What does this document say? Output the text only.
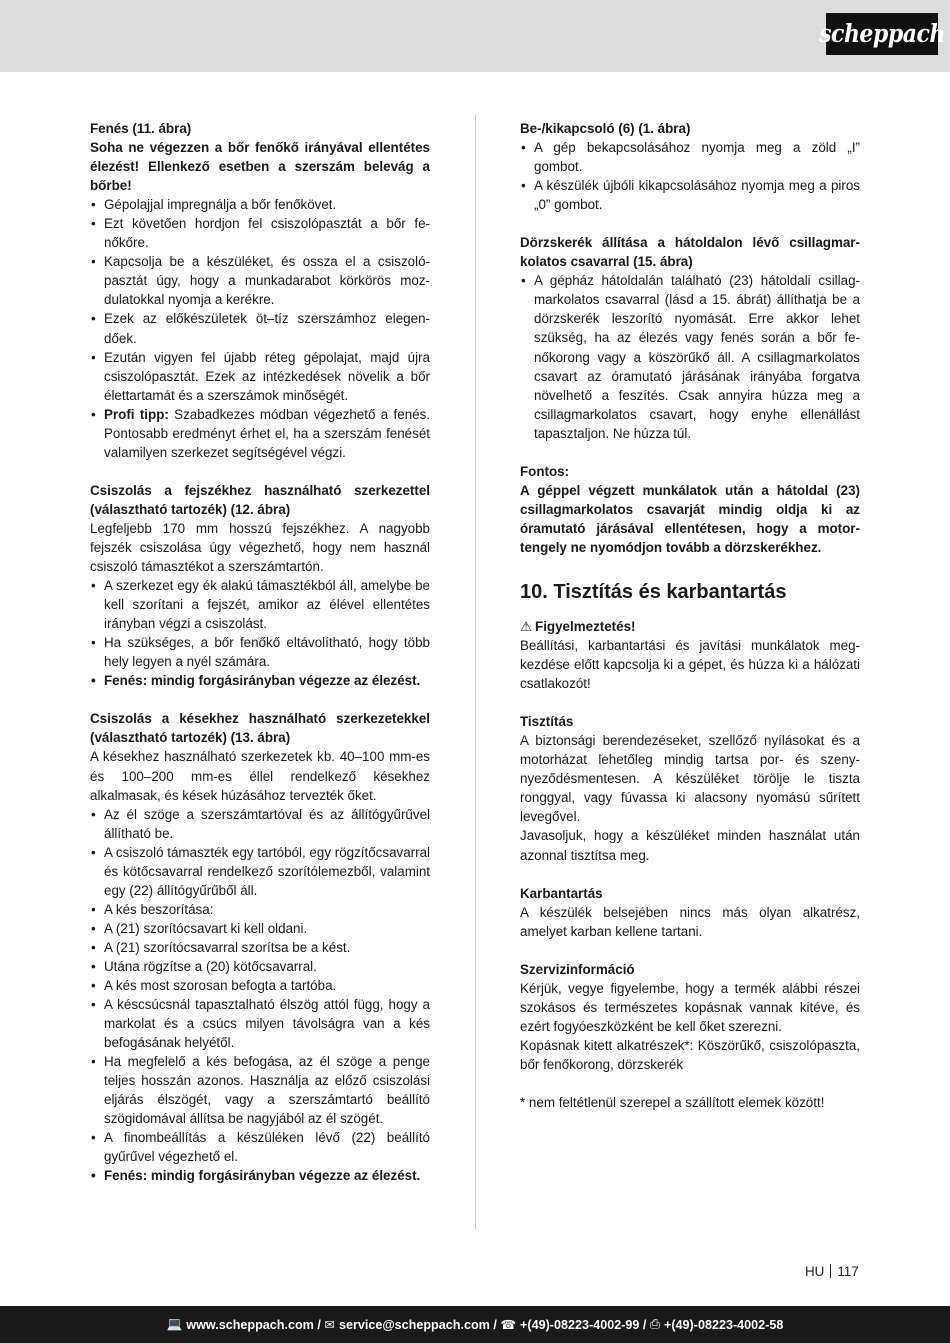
scheppach

Fenés (11. ábra)

Soha ne végezzen a bőr fenőkő irányával ellentétes élezést! Ellenkező esetben a szerszám belevág a bőrbe!

• Gépolajjal impregnálja a bőr fenőkövet.
• Ezt követően hordjon fel csiszolópasztát a bőr fenőkőre.
• Kapcsolja be a készüléket, és ossza el a csiszolópasztát úgy, hogy a munkadarabot körkörös mozdulatokkal nyomja a kerékre.
• Ezek az előkészületek öt–tíz szerszámhoz elegendőek.
• Ezután vigyen fel újabb réteg gépolajat, majd újra csiszolópasztát. Ezek az intézkedések növelik a bőr élettartamát és a szerszámok minőségét.
• Profi tipp: Szabadkezes módban végezhető a fenés. Pontosabb eredményt érhet el, ha a szerszám fenését valamilyen szerkezet segítségével végzi.

Csiszolás a fejszékhez használható szerkezettel (választható tartozék) (12. ábra)

Legfeljebb 170 mm hosszú fejszékhez. A nagyobb fejszék csiszolása úgy végezhető, hogy nem használ csiszoló támasztékot a szerszámtartón.

• A szerkezet egy ék alakú támasztékból áll, amelybe be kell szorítani a fejszét, amikor az élével ellentétes irányban végzi a csiszolást.
• Ha szükséges, a bőr fenőkő eltávolítható, hogy több hely legyen a nyél számára.
• Fenés: mindig forgásirányban végezze az élezést.

Csiszolás a késekhez használható szerkezetekkel (választható tartozék) (13. ábra)

A késekhez használható szerkezetek kb. 40–100 mm-es és 100–200 mm-es éllel rendelkező késekhez alkalmasak, és kések húzásához tervezték őket.

• Az él szöge a szerszámtartóval és az állítógyűrűvel állítható be.
• A csiszoló támaszték egy tartóból, egy rögzítőcsavarral és kötőcsavarral rendelkező szorítólemezből, valamint egy (22) állítógyűrűből áll.
• A kés beszorítása:
• A (21) szorítócsavart ki kell oldani.
• A (21) szorítócsavarral szorítsa be a kést.
• Utána rögzítse a (20) kötőcsavarral.
• A kés most szorosan befogta a tartóba.
• A késcsúcsnál tapasztalható élszög attól függ, hogy a markolat és a csúcs milyen távolságra van a kés befogásának helyétől.
• Ha megfelelő a kés befogása, az él szöge a penge teljes hosszán azonos. Használja az előző csiszolási eljárás élszögét, vagy a szerszámtartó beállító szögidomával állítsa be nagyjából az él szögét.
• A finombeállítás a készüléken lévő (22) beállító gyűrűvel végezhető el.
• Fenés: mindig forgásirányban végezze az élezést.

Be-/kikapcsoló (6) (1. ábra)

• A gép bekapcsolásához nyomja meg a zöld „I” gombot.
• A készülék újbóli kikapcsolásához nyomja meg a piros „0” gombot.

Dörzskerék állítása a hátoldalon lévő csillagmarkolatos csavarral (15. ábra)

• A gépház hátoldalán található (23) hátoldali csillagmarkolatos csavarral (lásd a 15. ábrát) állíthatja be a dörzskerék leszorító nyomását. Erre akkor lehet szükség, ha az élezés vagy fenés során a bőr fenőkorong vagy a köszörűkő áll. A csillagmarkolatos csavart az óramutató járásának irányába forgatva növelhető a feszítés. Csak annyira húzza meg a csillagmarkolatos csavart, hogy enyhe ellenállást tapasztaljon. Ne húzza túl.

Fontos:

A géppel végzett munkálatok után a hátoldal (23) csillagmarkolatos csavarját mindig oldja ki az óramutató járásával ellentétesen, hogy a motortengely ne nyomódjon tovább a dörzskerékhez.

10. Tisztítás és karbantartás

⚠ Figyelmeztetés!

Beállítási, karbantartási és javítási munkálatok megkezdése előtt kapcsolja ki a gépet, és húzza ki a hálózati csatlakozót!

Tisztítás

A biztonsági berendezéseket, szellőző nyílásokat és a motorházat lehetőleg mindig tartsa por- és szenynyeződésmentesen. A készüléket törölje le tiszta ronggyal, vagy fúvassa ki alacsony nyomású sűrített levegővel.

Javasoljuk, hogy a készüléket minden használat után azonnal tisztítsa meg.

Karbantartás

A készülék belsejében nincs más olyan alkatrész, amelyet karban kellene tartani.

Szervizinformáció

Kérjük, vegye figyelembe, hogy a termék alábbi részei szokásos és természetes kopásnak vannak kitéve, és ezért fogyóeszközként be kell őket szerezni.

Kopásnak kitett alkatrészek*: Köszörűkő, csiszolópaszta, bőr fenőkorong, dörzskerék

* nem feltétlenül szerepel a szállított elemek között!

HU 117
💻 www.scheppach.com / ✉ service@scheppach.com / ☎ +(49)-08223-4002-99 / ⎙ +(49)-08223-4002-58
